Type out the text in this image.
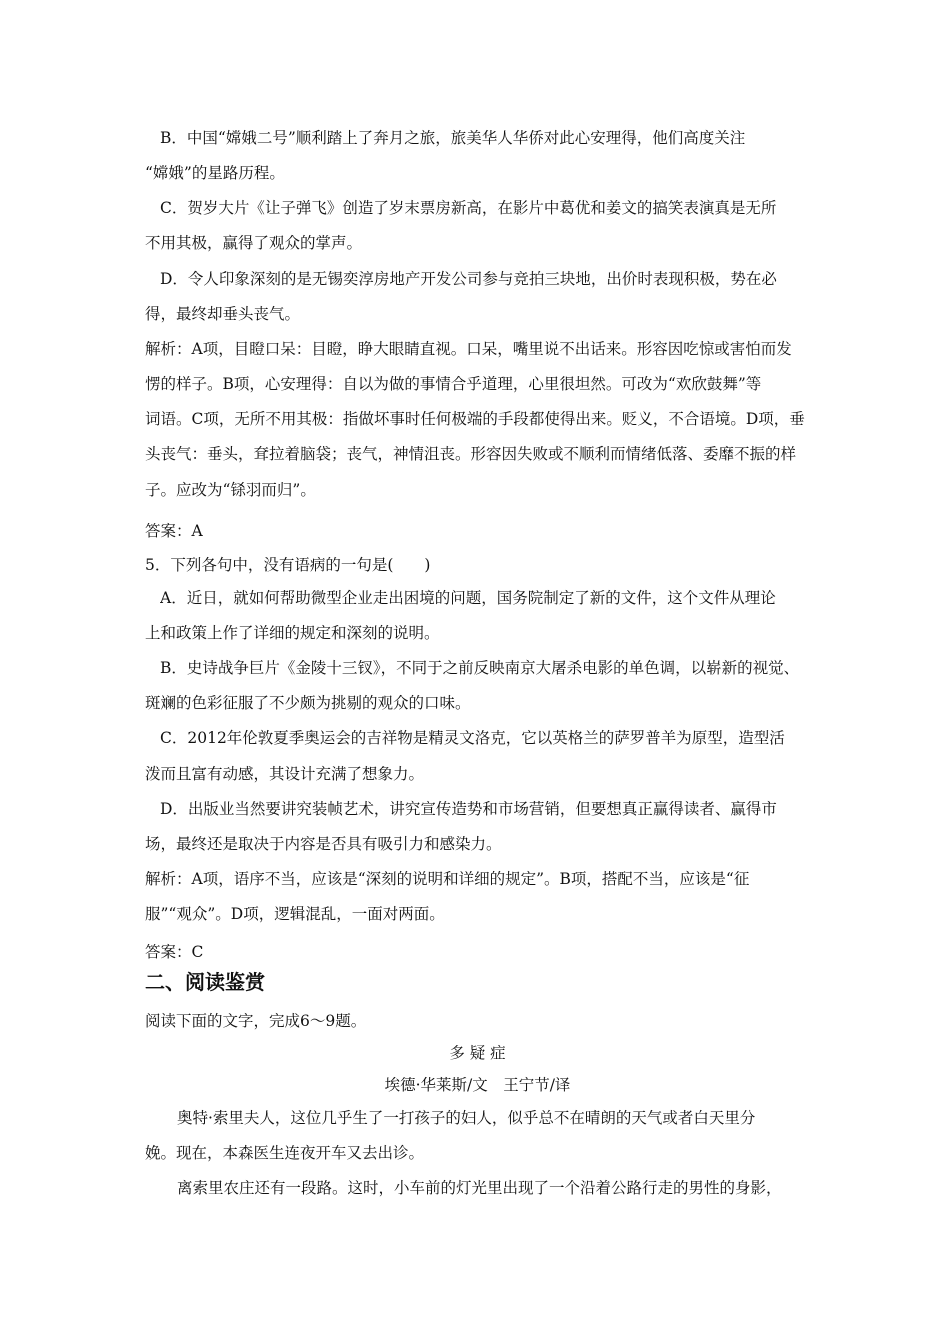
B．中国“嫦娥二号”顺利踏上了奔月之旅，旅美华人华侨对此心安理得，他们高度关注
“嫦娥”的星路历程。
C．贺岁大片《让子弹飞》创造了岁末票房新高，在影片中葛优和姜文的搞笑表演真是无所
不用其极，赢得了观众的掌声。
D．令人印象深刻的是无锡奕淳房地产开发公司参与竞拍三块地，出价时表现积极，势在必
得，最终却垂头丧气。
解析：A项，目瞪口呆：目瞪，睁大眼睛直视。口呆，嘴里说不出话来。形容因吃惊或害怕而发
愣的样子。B项，心安理得：自以为做的事情合乎道理，心里很坦然。可改为“欢欣鼓舞”等
词语。C项，无所不用其极：指做坏事时任何极端的手段都使得出来。贬义，不合语境。D项，垂
头丧气：垂头，耷拉着脑袋；丧气，神情沮丧。形容因失败或不顺利而情绪低落、委靡不振的样
子。应改为“铩羽而归”。
答案：A
5．下列各句中，没有语病的一句是(　　)
A．近日，就如何帮助微型企业走出困境的问题，国务院制定了新的文件，这个文件从理论
上和政策上作了详细的规定和深刻的说明。
B．史诗战争巨片《金陵十三钗》，不同于之前反映南京大屠杀电影的单色调，以崭新的视觉、
斑斓的色彩征服了不少颇为挑剔的观众的口味。
C．2012年伦敦夏季奥运会的吉祥物是精灵文洛克，它以英格兰的萨罗普羊为原型，造型活
泼而且富有动感，其设计充满了想象力。
D．出版业当然要讲究装帧艺术，讲究宣传造势和市场营销，但要想真正赢得读者、赢得市
场，最终还是取决于内容是否具有吸引力和感染力。
解析：A项，语序不当，应该是“深刻的说明和详细的规定”。B项，搭配不当，应该是“征
服”“观众”。D项，逻辑混乱，一面对两面。
答案：C
二、阅读鉴赏
阅读下面的文字，完成6～9题。
多 疑 症
埃德·华莱斯/文　王宁节/译
奥特·索里夫人，这位几乎生了一打孩子的妇人，似乎总不在晴朗的天气或者白天里分
娩。现在，本森医生连夜开车又去出诊。
离索里农庄还有一段路。这时，小车前的灯光里出现了一个沿着公路行走的男性的身影，
